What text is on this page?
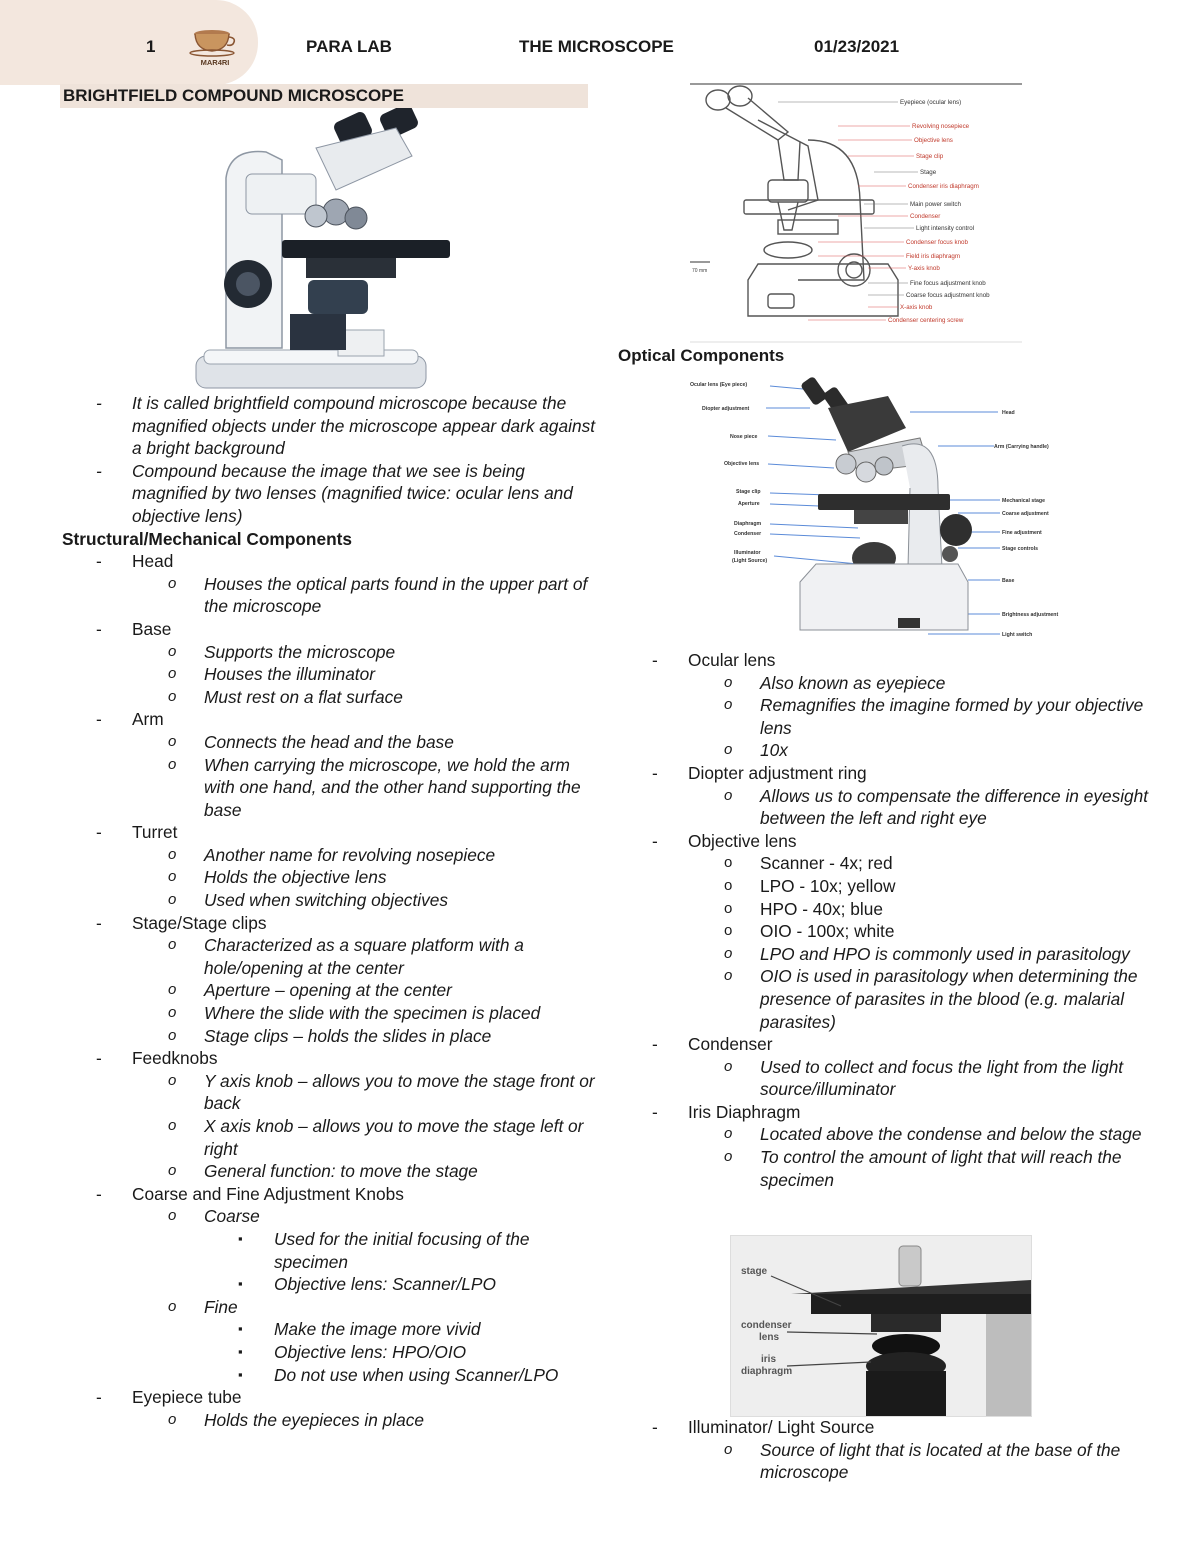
1
MAR4RI
PARA LAB	THE MICROSCOPE	01/23/2021
BRIGHTFIELD COMPOUND MICROSCOPE
- It is called brightfield compound microscope because the magnified objects under the microscope appear dark against a bright background
- Compound because the image that we see is being magnified by two lenses (magnified twice: ocular lens and objective lens)
Structural/Mechanical Components
- Head
o Houses the optical parts found in the upper part of the microscope
- Base
o Supports the microscope
o Houses the illuminator
o Must rest on a flat surface
- Arm
o Connects the head and the base
o When carrying the microscope, we hold the arm with one hand, and the other hand supporting the base
- Turret
o Another name for revolving nosepiece
o Holds the objective lens
o Used when switching objectives
- Stage/Stage clips
o Characterized as a square platform with a hole/opening at the center
o Aperture – opening at the center
o Where the slide with the specimen is placed
o Stage clips – holds the slides in place
- Feedknobs
o Y axis knob – allows you to move the stage front or back
o X axis knob – allows you to move the stage left or right
o General function: to move the stage
- Coarse and Fine Adjustment Knobs
o Coarse
▪ Used for the initial focusing of the specimen
▪ Objective lens: Scanner/LPO
o Fine
▪ Make the image more vivid
▪ Objective lens: HPO/OIO
▪ Do not use when using Scanner/LPO
- Eyepiece tube
o Holds the eyepieces in place
70 mm
Optical Components
Ocular lens (Eye piece)
Diopter adjustment
Nose piece
Objective lens
Stage clip
Aperture
Diaphragm
Condenser
Illuminator
(Light Source)
Head
Arm (Carrying handle)
Mechanical stage
Coarse adjustment
Fine adjustment
Stage controls
Base
Brightness adjustment
Light switch
- Ocular lens
o Also known as eyepiece
o Remagnifies the imagine formed by your objective lens
o 10x
- Diopter adjustment ring
o Allows us to compensate the difference in eyesight between the left and right eye
- Objective lens
o Scanner - 4x; red
o LPO - 10x; yellow
o HPO - 40x; blue
o OIO - 100x; white
o LPO and HPO is commonly used in parasitology
o OIO is used in parasitology when determining the presence of parasites in the blood (e.g. malarial parasites)
- Condenser
o Used to collect and focus the light from the light source/illuminator
- Iris Diaphragm
o Located above the condense and below the stage
o To control the amount of light that will reach the specimen
stage
condenser
lens
iris
diaphragm
- Illuminator/ Light Source
o Source of light that is located at the base of the microscope
Eyepiece (ocular lens)
Revolving nosepiece
Objective lens
Stage clip
Stage
Condenser iris diaphragm
Main power switch
Condenser
Light intensity control
Condenser focus knob
Field iris diaphragm
Y-axis knob
Fine focus adjustment knob
Coarse focus adjustment knob
X-axis knob
Condenser centering screw
